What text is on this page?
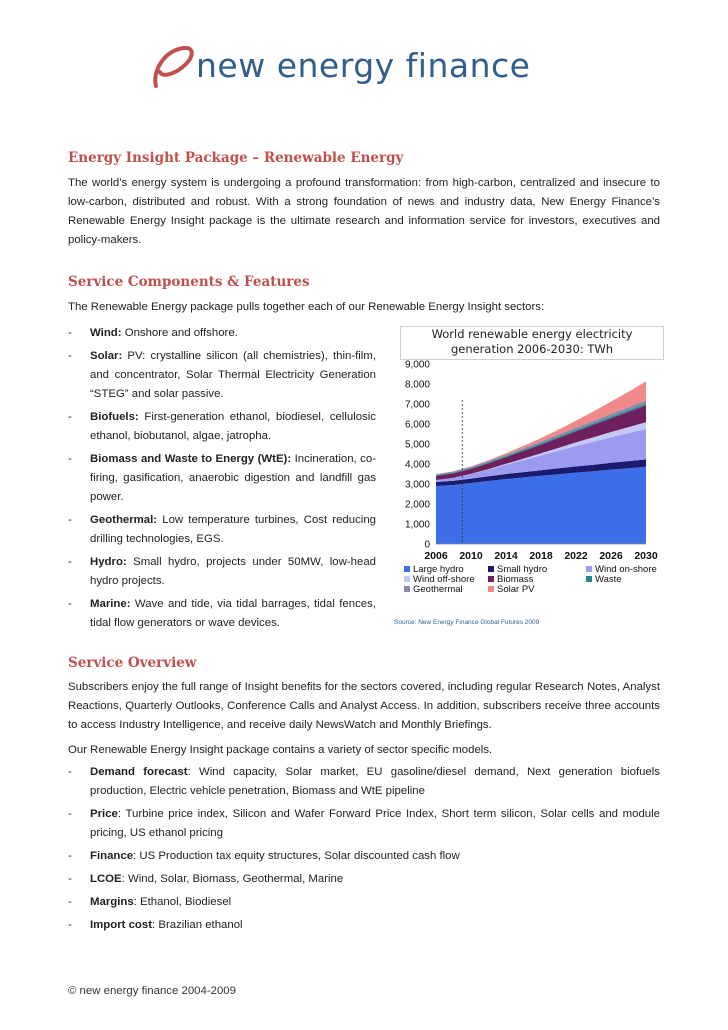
new energy finance
Energy Insight Package – Renewable Energy

The world’s energy system is undergoing a profound transformation: from high-carbon, centralized and insecure to low-carbon, distributed and robust. With a strong foundation of news and industry data, New Energy Finance’s Renewable Energy Insight package is the ultimate research and information service for investors, executives and policy-makers.

Service Components & Features

The Renewable Energy package pulls together each of our Renewable Energy Insight sectors:

- Wind: Onshore and offshore.
- Solar: PV: crystalline silicon (all chemistries), thin-film, and concentrator, Solar Thermal Electricity Generation “STEG” and solar passive.
- Biofuels: First-generation ethanol, biodiesel, cellulosic ethanol, biobutanol, algae, jatropha.
- Biomass and Waste to Energy (WtE): Incineration, co-firing, gasification, anaerobic digestion and landfill gas power.
- Geothermal: Low temperature turbines, Cost reducing drilling technologies, EGS.
- Hydro: Small hydro, projects under 50MW, low-head hydro projects.
- Marine: Wave and tide, via tidal barrages, tidal fences, tidal flow generators or wave devices.
World renewable energy electricity generation 2006-2030: TWh
0
1,000
2,000
3,000
4,000
5,000
6,000
7,000
8,000
9,000
2006 2010 2014 2018 2022 2026 2030
Large hydro	Small hydro	Wind on-shore
Wind off-shore Biomass	Waste
Geothermal	Solar PV
Source: New Energy Finance Global Futures 2009
Service Overview

Subscribers enjoy the full range of Insight benefits for the sectors covered, including regular Research Notes, Analyst Reactions, Quarterly Outlooks, Conference Calls and Analyst Access. In addition, subscribers receive three accounts to access Industry Intelligence, and receive daily NewsWatch and Monthly Briefings.

Our Renewable Energy Insight package contains a variety of sector specific models.

- Demand forecast: Wind capacity, Solar market, EU gasoline/diesel demand, Next generation biofuels production, Electric vehicle penetration, Biomass and WtE pipeline
- Price: Turbine price index, Silicon and Wafer Forward Price Index, Short term silicon, Solar cells and module pricing, US ethanol pricing
- Finance: US Production tax equity structures, Solar discounted cash flow
- LCOE: Wind, Solar, Biomass, Geothermal, Marine
- Margins: Ethanol, Biodiesel
- Import cost: Brazilian ethanol
© new energy finance 2004-2009
